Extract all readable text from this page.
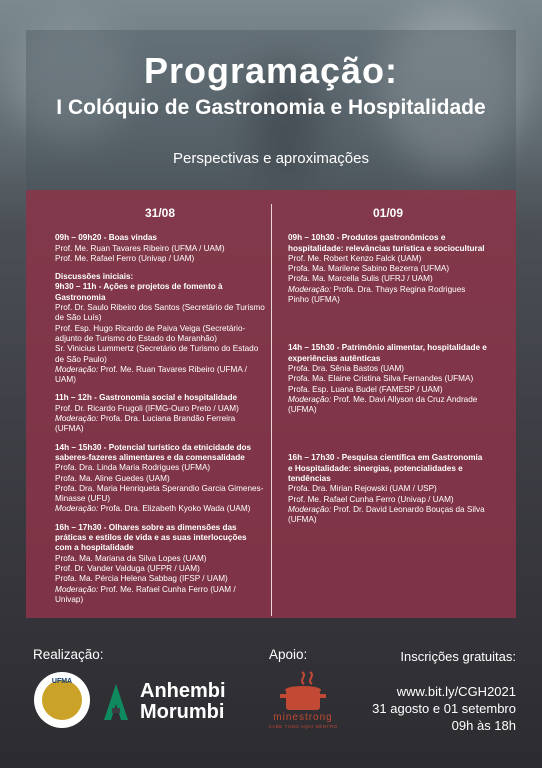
Programação:
I Colóquio de Gastronomia e Hospitalidade
Perspectivas e aproximações
31/08
09h – 09h20 - Boas vindas
Prof. Me. Ruan Tavares Ribeiro (UFMA / UAM)
Prof. Me. Rafael Ferro (Univap / UAM)
Discussões iniciais:
9h30 – 11h - Ações e projetos de fomento à Gastronomia
Prof. Dr. Saulo Ribeiro dos Santos (Secretário de Turismo de São Luís)
Prof. Esp. Hugo Ricardo de Paiva Veiga (Secretário-adjunto de Turismo do Estado do Maranhão)
Sr. Vinicius Lummertz (Secretário de Turismo do Estado de São Paulo)
Moderação: Prof. Me. Ruan Tavares Ribeiro (UFMA / UAM)
11h – 12h - Gastronomia social e hospitalidade
Prof. Dr. Ricardo Frugoli (IFMG-Ouro Preto / UAM)
Moderação: Profa. Dra. Luciana Brandão Ferreira (UFMA)
14h – 15h30 - Potencial turístico da etnicidade dos saberes-fazeres alimentares e da comensalidade
Profa. Dra. Linda Maria Rodrigues (UFMA)
Profa. Ma. Aline Guedes (UAM)
Profa. Dra. Maria Henriqueta Sperandio Garcia Gimenes-Minasse (UFU)
Moderação: Profa. Dra. Elizabeth Kyoko Wada (UAM)
16h – 17h30 - Olhares sobre as dimensões das práticas e estilos de vida e as suas interlocuções com a hospitalidade
Profa. Ma. Mariana da Silva Lopes (UAM)
Prof. Dr. Vander Valduga (UFPR / UAM)
Profa. Ma. Pércia Helena Sabbag (IFSP / UAM)
Moderação: Prof. Me. Rafael Cunha Ferro (UAM / Univap)
01/09
09h – 10h30 - Produtos gastronômicos e hospitalidade: relevâncias turística e sociocultural
Prof. Me. Robert Kenzo Falck (UAM)
Profa. Ma. Marilene Sabino Bezerra (UFMA)
Profa. Ma. Marcella Sulis (UFRJ / UAM)
Moderação: Profa. Dra. Thays Regina Rodrigues Pinho (UFMA)
14h – 15h30 - Patrimônio alimentar, hospitalidade e experiências autênticas
Profa. Dra. Sênia Bastos (UAM)
Profa. Ma. Elaine Cristina Silva Fernandes (UFMA)
Profa. Esp. Luana Budel (FAMESP / UAM)
Moderação: Prof. Me. Davi Allyson da Cruz Andrade (UFMA)
16h – 17h30 - Pesquisa científica em Gastronomia e Hospitalidade: sinergias, potencialidades e tendências
Profa. Dra. Mirian Rejowski (UAM / USP)
Prof. Me. Rafael Cunha Ferro (Univap / UAM)
Moderação: Prof. Dr. David Leonardo Bouças da Silva (UFMA)
Realização:	Apoio:
UFMA	Anhembi
Morumbi	minestrong
CABE TUDO AQUI DENTRO
Inscrições gratuitas:
www.bit.ly/CGH2021
31 agosto e 01 setembro
09h às 18h
